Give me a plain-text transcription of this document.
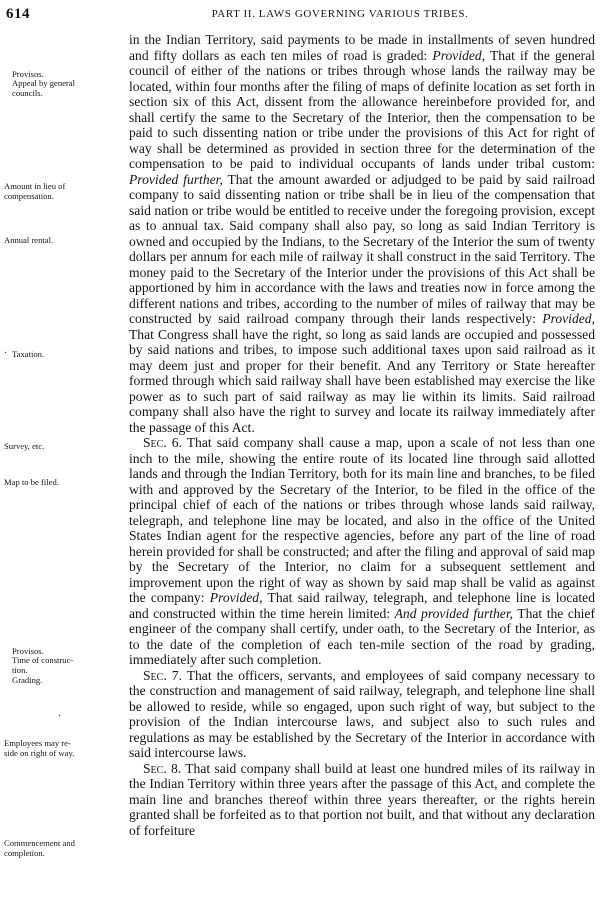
614	PART II. LAWS GOVERNING VARIOUS TRIBES.
Provisos.
Appeal by general
councils.
Amount in lieu of
compensation.
Annual rental.
· Taxation.
Survey, etc.
Map to be filed.
Provisos.
Time of construc-
tion.
Grading.
·
Employees may re-
side on right of way.
Commencement and
completion.

in the Indian Territory, said payments to be made in installments of seven hundred and fifty dollars as each ten miles of road is graded: Provided, That if the general council of either of the nations or tribes through whose lands the railway may be located, within four months after the filing of maps of definite location as set forth in section six of this Act, dissent from the allowance hereinbefore provided for, and shall certify the same to the Secretary of the Interior, then the compensation to be paid to such dissenting nation or tribe under the provisions of this Act for right of way shall be determined as provided in section three for the determination of the compensation to be paid to individual occupants of lands under tribal custom: Provided further, That the amount awarded or adjudged to be paid by said railroad company to said dissenting nation or tribe shall be in lieu of the compensation that said nation or tribe would be entitled to receive under the foregoing provision, except as to annual tax. Said company shall also pay, so long as said Indian Territory is owned and occupied by the Indians, to the Secretary of the Interior the sum of twenty dollars per annum for each mile of railway it shall construct in the said Territory. The money paid to the Secretary of the Interior under the provisions of this Act shall be apportioned by him in accordance with the laws and treaties now in force among the different nations and tribes, according to the number of miles of railway that may be constructed by said railroad company through their lands respectively: Provided, That Congress shall have the right, so long as said lands are occupied and possessed by said nations and tribes, to impose such additional taxes upon said railroad as it may deem just and proper for their benefit. And any Territory or State hereafter formed through which said railway shall have been established may exercise the like power as to such part of said railway as may lie within its limits. Said railroad company shall also have the right to survey and locate its railway immediately after the passage of this Act.

Sec. 6. That said company shall cause a map, upon a scale of not less than one inch to the mile, showing the entire route of its located line through said allotted lands and through the Indian Territory, both for its main line and branches, to be filed with and approved by the Secretary of the Interior, to be filed in the office of the principal chief of each of the nations or tribes through whose lands said railway, telegraph, and telephone line may be located, and also in the office of the United States Indian agent for the respective agencies, before any part of the line of road herein provided for shall be constructed; and after the filing and approval of said map by the Secretary of the Interior, no claim for a subsequent settlement and improvement upon the right of way as shown by said map shall be valid as against the company: Provided, That said railway, telegraph, and telephone line is located and constructed within the time herein limited: And provided further, That the chief engineer of the company shall certify, under oath, to the Secretary of the Interior, as to the date of the completion of each ten-mile section of the road by grading, immediately after such completion.

Sec. 7. That the officers, servants, and employees of said company necessary to the construction and management of said railway, telegraph, and telephone line shall be allowed to reside, while so engaged, upon such right of way, but subject to the provision of the Indian intercourse laws, and subject also to such rules and regulations as may be established by the Secretary of the Interior in accordance with said intercourse laws.

Sec. 8. That said company shall build at least one hundred miles of its railway in the Indian Territory within three years after the passage of this Act, and complete the main line and branches thereof within three years thereafter, or the rights herein granted shall be forfeited as to that portion not built, and that without any declaration of forfeiture
